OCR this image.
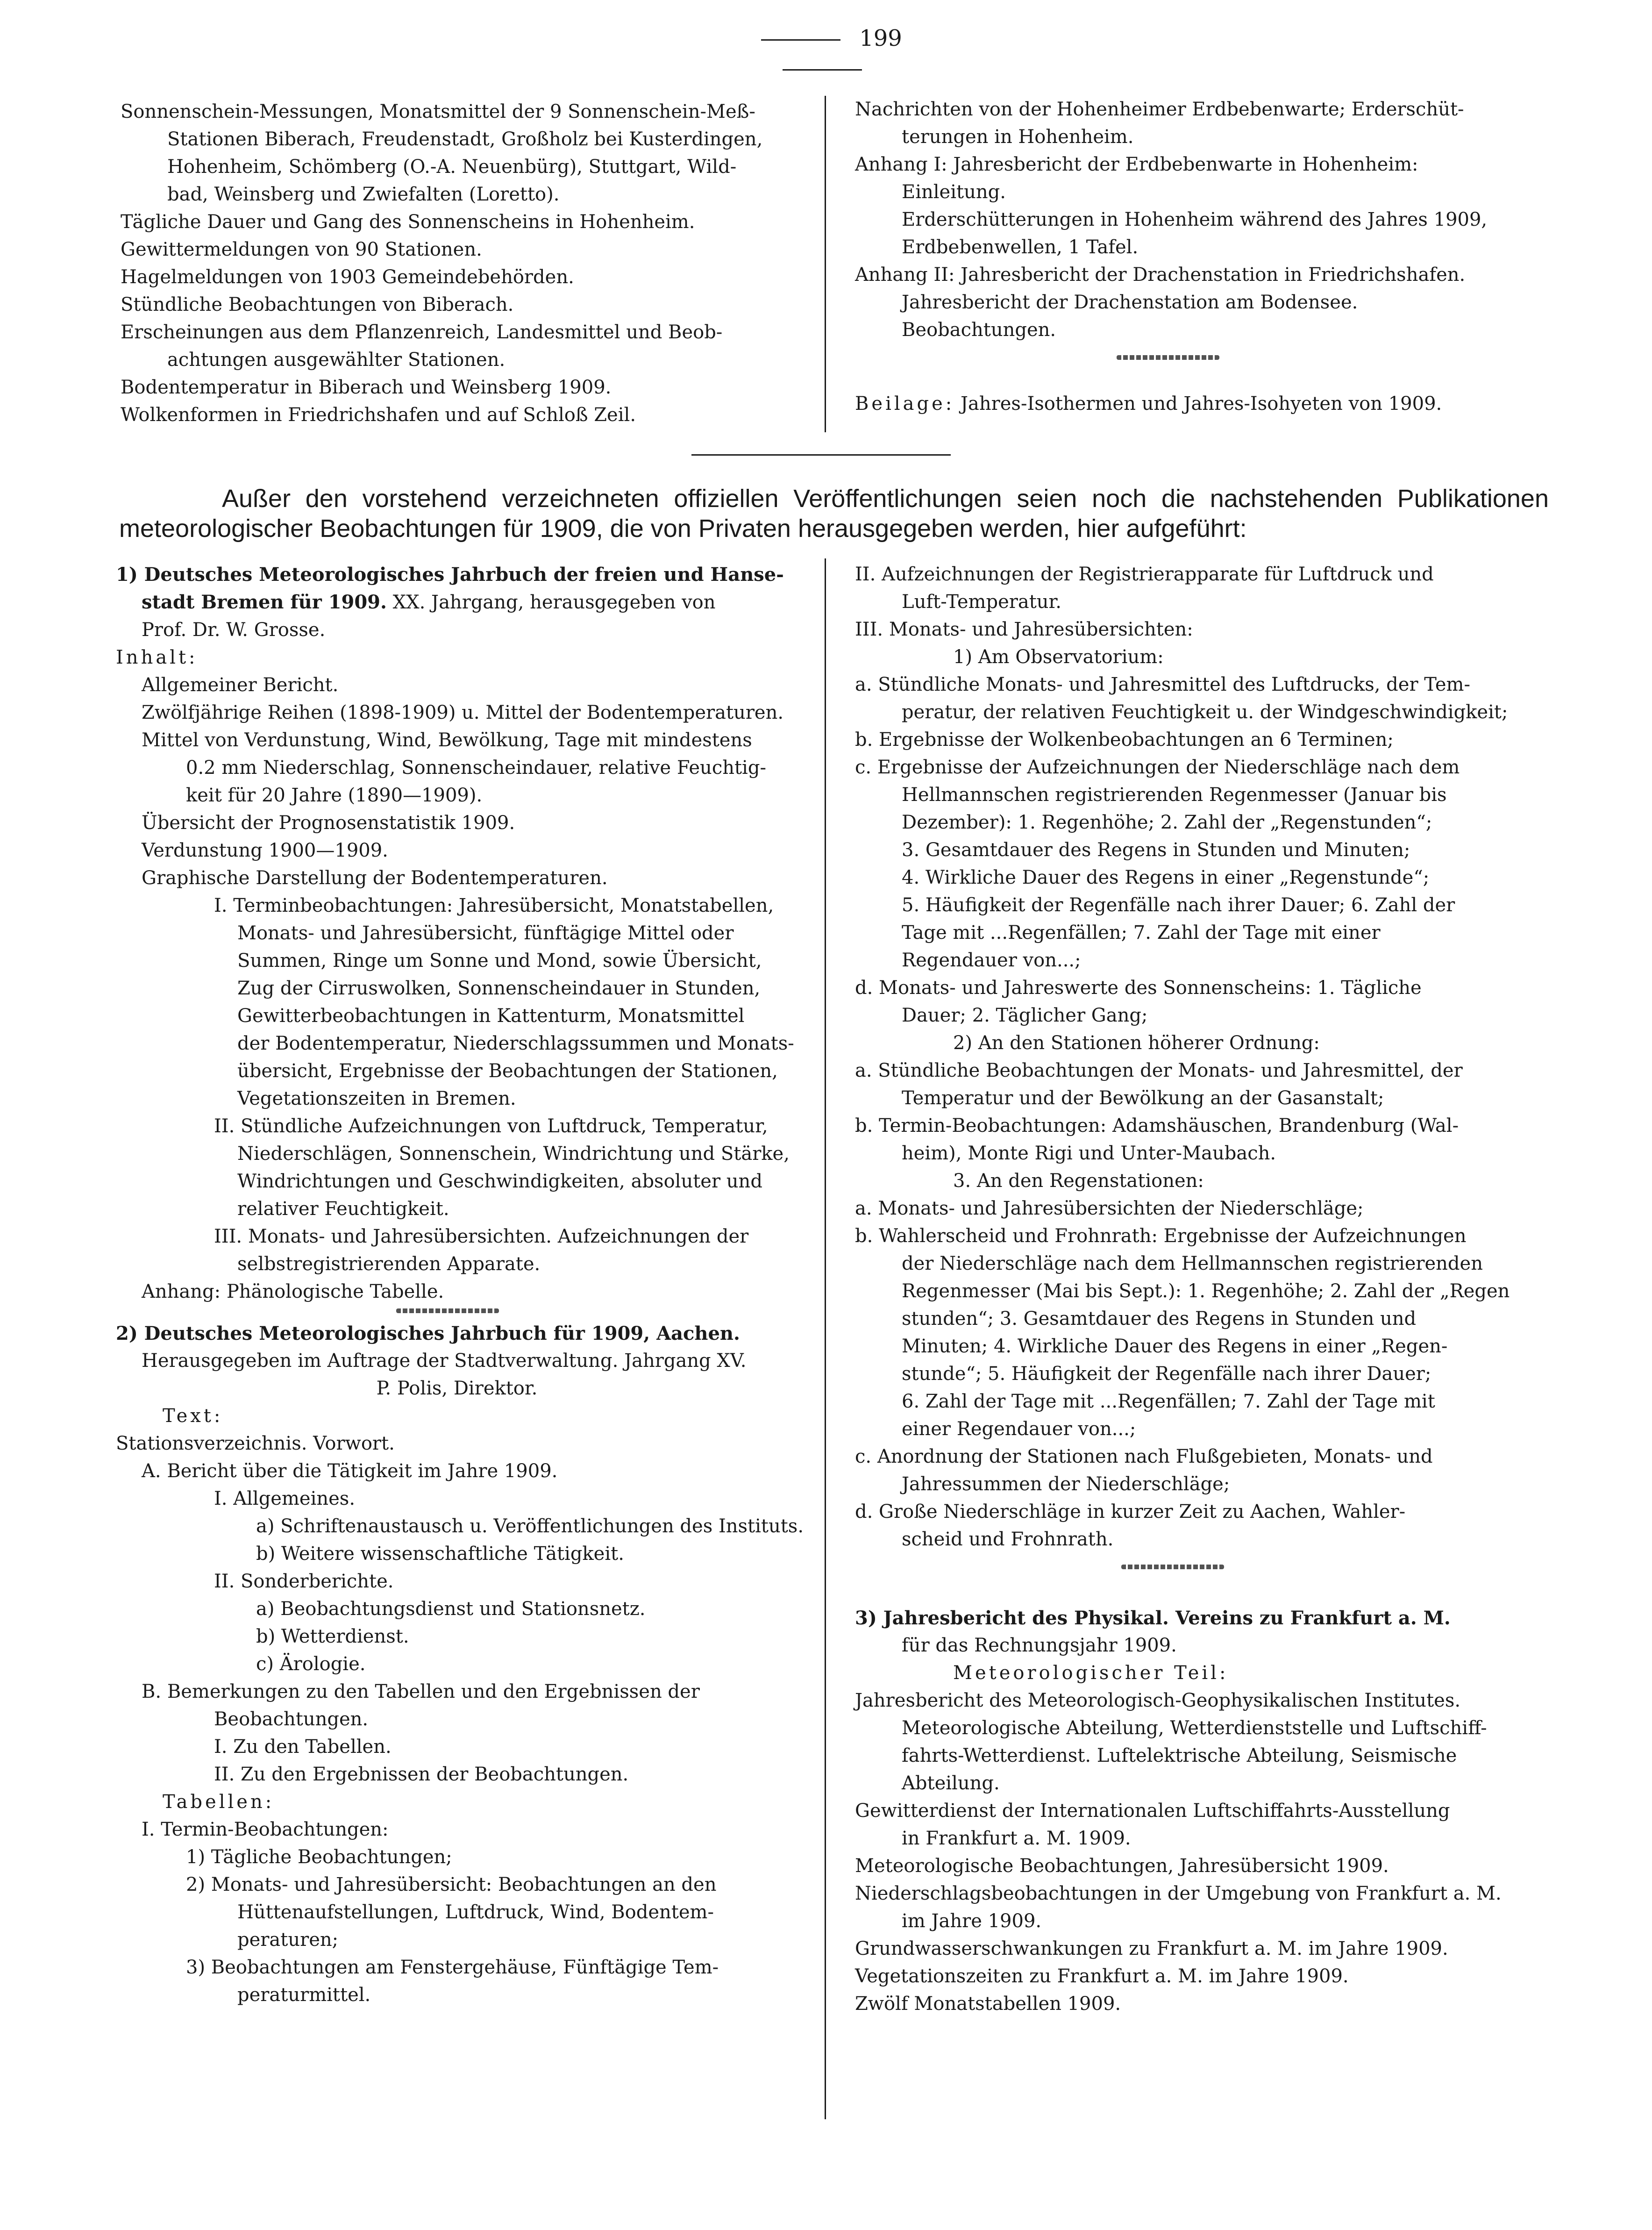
199
Sonnenschein-Messungen, Monatsmittel der 9 Sonnenschein-Meß-
Stationen Biberach, Freudenstadt, Großholz bei Kusterdingen,
Hohenheim, Schömberg (O.-A. Neuenbürg), Stuttgart, Wild-
bad, Weinsberg und Zwiefalten (Loretto).
Tägliche Dauer und Gang des Sonnenscheins in Hohenheim.
Gewittermeldungen von 90 Stationen.
Hagelmeldungen von 1903 Gemeindebehörden.
Stündliche Beobachtungen von Biberach.
Erscheinungen aus dem Pflanzenreich, Landesmittel und Beob-
achtungen ausgewählter Stationen.
Bodentemperatur in Biberach und Weinsberg 1909.
Wolkenformen in Friedrichshafen und auf Schloß Zeil.
Nachrichten von der Hohenheimer Erdbebenwarte; Erderschüt-
terungen in Hohenheim.
Anhang I: Jahresbericht der Erdbebenwarte in Hohenheim:
Einleitung.
Erderschütterungen in Hohenheim während des Jahres 1909,
Erdbebenwellen, 1 Tafel.
Anhang II: Jahresbericht der Drachenstation in Friedrichshafen.
Jahresbericht der Drachenstation am Bodensee.
Beobachtungen.
Beilage: Jahres-Isothermen und Jahres-Isohyeten von 1909.
Außer den vorstehend verzeichneten offiziellen Veröffentlichungen seien noch die nachstehenden Publikationen
meteorologischer Beobachtungen für 1909, die von Privaten herausgegeben werden, hier aufgeführt:
1) Deutsches Meteorologisches Jahrbuch der freien und Hanse-
stadt Bremen für 1909. XX. Jahrgang, herausgegeben von
Prof. Dr. W. Grosse.
Inhalt:
Allgemeiner Bericht.
Zwölfjährige Reihen (1898-1909) u. Mittel der Bodentemperaturen.
Mittel von Verdunstung, Wind, Bewölkung, Tage mit mindestens
0.2 mm Niederschlag, Sonnenscheindauer, relative Feuchtig-
keit für 20 Jahre (1890—1909).
Übersicht der Prognosenstatistik 1909.
Verdunstung 1900—1909.
Graphische Darstellung der Bodentemperaturen.
I. Terminbeobachtungen: Jahresübersicht, Monatstabellen,
Monats- und Jahresübersicht, fünftägige Mittel oder
Summen, Ringe um Sonne und Mond, sowie Übersicht,
Zug der Cirruswolken, Sonnenscheindauer in Stunden,
Gewitterbeobachtungen in Kattenturm, Monatsmittel
der Bodentemperatur, Niederschlagssummen und Monats-
übersicht, Ergebnisse der Beobachtungen der Stationen,
Vegetationszeiten in Bremen.
II. Stündliche Aufzeichnungen von Luftdruck, Temperatur,
Niederschlägen, Sonnenschein, Windrichtung und Stärke,
Windrichtungen und Geschwindigkeiten, absoluter und
relativer Feuchtigkeit.
III. Monats- und Jahresübersichten. Aufzeichnungen der
selbstregistrierenden Apparate.
Anhang: Phänologische Tabelle.
2) Deutsches Meteorologisches Jahrbuch für 1909, Aachen.
Herausgegeben im Auftrage der Stadtverwaltung. Jahrgang XV.
P. Polis, Direktor.
Text:
Stationsverzeichnis. Vorwort.
A. Bericht über die Tätigkeit im Jahre 1909.
I. Allgemeines.
a) Schriftenaustausch u. Veröffentlichungen des Instituts.
b) Weitere wissenschaftliche Tätigkeit.
II. Sonderberichte.
a) Beobachtungsdienst und Stationsnetz.
b) Wetterdienst.
c) Ärologie.
B. Bemerkungen zu den Tabellen und den Ergebnissen der
Beobachtungen.
I. Zu den Tabellen.
II. Zu den Ergebnissen der Beobachtungen.
Tabellen:
I. Termin-Beobachtungen:
1) Tägliche Beobachtungen;
2) Monats- und Jahresübersicht: Beobachtungen an den
Hüttenaufstellungen, Luftdruck, Wind, Bodentem-
peraturen;
3) Beobachtungen am Fenstergehäuse, Fünftägige Tem-
peraturmittel.
II. Aufzeichnungen der Registrierapparate für Luftdruck und
Luft-Temperatur.
III. Monats- und Jahresübersichten:
1) Am Observatorium:
a. Stündliche Monats- und Jahresmittel des Luftdrucks, der Tem-
peratur, der relativen Feuchtigkeit u. der Windgeschwindigkeit;
b. Ergebnisse der Wolkenbeobachtungen an 6 Terminen;
c. Ergebnisse der Aufzeichnungen der Niederschläge nach dem
Hellmannschen registrierenden Regenmesser (Januar bis
Dezember): 1. Regenhöhe; 2. Zahl der „Regenstunden“;
3. Gesamtdauer des Regens in Stunden und Minuten;
4. Wirkliche Dauer des Regens in einer „Regenstunde“;
5. Häufigkeit der Regenfälle nach ihrer Dauer; 6. Zahl der
Tage mit ...Regenfällen; 7. Zahl der Tage mit einer
Regendauer von...;
d. Monats- und Jahreswerte des Sonnenscheins: 1. Tägliche
Dauer; 2. Täglicher Gang;
2) An den Stationen höherer Ordnung:
a. Stündliche Beobachtungen der Monats- und Jahresmittel, der
Temperatur und der Bewölkung an der Gasanstalt;
b. Termin-Beobachtungen: Adamshäuschen, Brandenburg (Wal-
heim), Monte Rigi und Unter-Maubach.
3. An den Regenstationen:
a. Monats- und Jahresübersichten der Niederschläge;
b. Wahlerscheid und Frohnrath: Ergebnisse der Aufzeichnungen
der Niederschläge nach dem Hellmannschen registrierenden
Regenmesser (Mai bis Sept.): 1. Regenhöhe; 2. Zahl der „Regen
stunden“; 3. Gesamtdauer des Regens in Stunden und
Minuten; 4. Wirkliche Dauer des Regens in einer „Regen-
stunde“; 5. Häufigkeit der Regenfälle nach ihrer Dauer;
6. Zahl der Tage mit ...Regenfällen; 7. Zahl der Tage mit
einer Regendauer von...;
c. Anordnung der Stationen nach Flußgebieten, Monats- und
Jahressummen der Niederschläge;
d. Große Niederschläge in kurzer Zeit zu Aachen, Wahler-
scheid und Frohnrath.
3) Jahresbericht des Physikal. Vereins zu Frankfurt a. M.
für das Rechnungsjahr 1909.
Meteorologischer Teil:
Jahresbericht des Meteorologisch-Geophysikalischen Institutes.
Meteorologische Abteilung, Wetterdienststelle und Luftschiff-
fahrts-Wetterdienst. Luftelektrische Abteilung, Seismische
Abteilung.
Gewitterdienst der Internationalen Luftschiffahrts-Ausstellung
in Frankfurt a. M. 1909.
Meteorologische Beobachtungen, Jahresübersicht 1909.
Niederschlagsbeobachtungen in der Umgebung von Frankfurt a. M.
im Jahre 1909.
Grundwasserschwankungen zu Frankfurt a. M. im Jahre 1909.
Vegetationszeiten zu Frankfurt a. M. im Jahre 1909.
Zwölf Monatstabellen 1909.
